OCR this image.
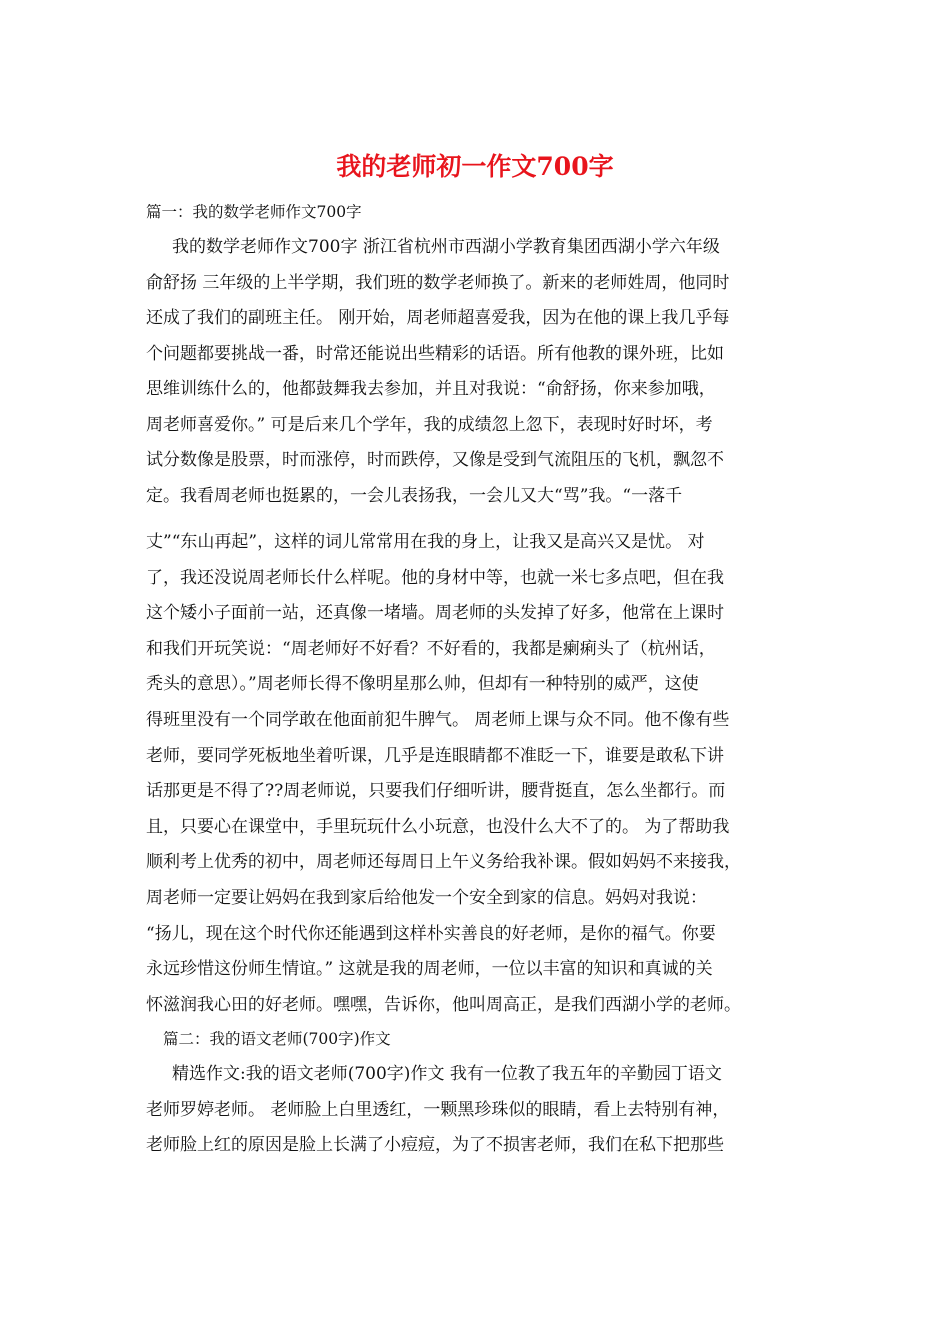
我的老师初一作文700字

篇一：我的数学老师作文700字

我的数学老师作文700字 浙江省杭州市西湖小学教育集团西湖小学六年级

俞舒扬 三年级的上半学期，我们班的数学老师换了。新来的老师姓周，他同时

还成了我们的副班主任。 刚开始，周老师超喜爱我，因为在他的课上我几乎每

个问题都要挑战一番，时常还能说出些精彩的话语。所有他教的课外班，比如

思维训练什么的，他都鼓舞我去参加，并且对我说：“俞舒扬，你来参加哦，

周老师喜爱你。” 可是后来几个学年，我的成绩忽上忽下，表现时好时坏，考

试分数像是股票，时而涨停，时而跌停，又像是受到气流阻压的飞机，飘忽不

定。我看周老师也挺累的，一会儿表扬我，一会儿又大“骂”我。“一落千

丈”“东山再起”，这样的词儿常常用在我的身上，让我又是高兴又是忧。 对

了，我还没说周老师长什么样呢。他的身材中等，也就一米七多点吧，但在我

这个矮小子面前一站，还真像一堵墙。周老师的头发掉了好多，他常在上课时

和我们开玩笑说：“周老师好不好看？不好看的，我都是瘌痢头了（杭州话，

秃头的意思）。”周老师长得不像明星那么帅，但却有一种特别的威严，这使

得班里没有一个同学敢在他面前犯牛脾气。 周老师上课与众不同。他不像有些

老师，要同学死板地坐着听课，几乎是连眼睛都不准眨一下，谁要是敢私下讲

话那更是不得了??周老师说，只要我们仔细听讲，腰背挺直，怎么坐都行。而

且，只要心在课堂中，手里玩玩什么小玩意，也没什么大不了的。 为了帮助我

顺利考上优秀的初中，周老师还每周日上午义务给我补课。假如妈妈不来接我，

周老师一定要让妈妈在我到家后给他发一个安全到家的信息。妈妈对我说：

“扬儿，现在这个时代你还能遇到这样朴实善良的好老师，是你的福气。你要

永远珍惜这份师生情谊。” 这就是我的周老师，一位以丰富的知识和真诚的关

怀滋润我心田的好老师。嘿嘿，告诉你，他叫周高正，是我们西湖小学的老师。

篇二：我的语文老师(700字)作文

精选作文:我的语文老师(700字)作文 我有一位教了我五年的辛勤园丁语文

老师罗婷老师。 老师脸上白里透红，一颗黑珍珠似的眼睛，看上去特别有神，

老师脸上红的原因是脸上长满了小痘痘，为了不损害老师，我们在私下把那些
